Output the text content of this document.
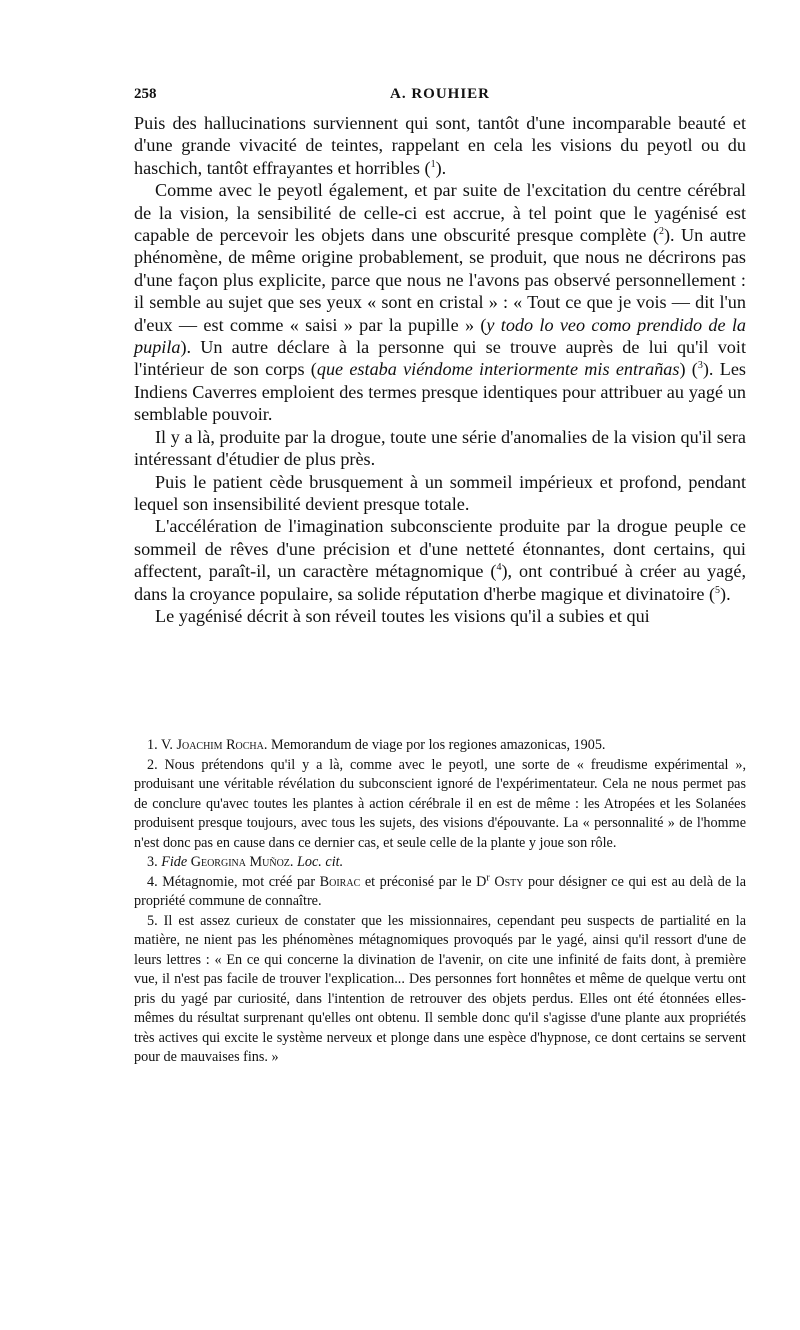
258	A. ROUHIER

Puis des hallucinations surviennent qui sont, tantôt d'une incomparable beauté et d'une grande vivacité de teintes, rappelant en cela les visions du peyotl ou du haschich, tantôt effrayantes et horribles ($^1$).

Comme avec le peyotl également, et par suite de l'excitation du centre cérébral de la vision, la sensibilité de celle-ci est accrue, à tel point que le yagénisé est capable de percevoir les objets dans une obscurité presque complète ($^2$). Un autre phénomène, de même origine probablement, se produit, que nous ne décrirons pas d'une façon plus explicite, parce que nous ne l'avons pas observé personnellement : il semble au sujet que ses yeux « sont en cristal » : « Tout ce que je vois — dit l'un d'eux — est comme « saisi » par la pupille » (y todo lo veo como prendido de la pupila). Un autre déclare à la personne qui se trouve auprès de lui qu'il voit l'intérieur de son corps (que estaba viéndome interiormente mis entrañas) ($^3$). Les Indiens Caverres emploient des termes presque identiques pour attribuer au yagé un semblable pouvoir.

Il y a là, produite par la drogue, toute une série d'anomalies de la vision qu'il sera intéressant d'étudier de plus près.

Puis le patient cède brusquement à un sommeil impérieux et profond, pendant lequel son insensibilité devient presque totale.

L'accélération de l'imagination subconsciente produite par la drogue peuple ce sommeil de rêves d'une précision et d'une netteté étonnantes, dont certains, qui affectent, paraît-il, un caractère métagnomique ($^4$), ont contribué à créer au yagé, dans la croyance populaire, sa solide réputation d'herbe magique et divinatoire ($^5$).

Le yagénisé décrit à son réveil toutes les visions qu'il a subies et qui

1. V. Joachim Rocha. Memorandum de viage por los regiones amazonicas, 1905.

2. Nous prétendons qu'il y a là, comme avec le peyotl, une sorte de « freudisme expérimental », produisant une véritable révélation du subconscient ignoré de l'expérimentateur. Cela ne nous permet pas de conclure qu'avec toutes les plantes à action cérébrale il en est de même : les Atropées et les Solanées produisent presque toujours, avec tous les sujets, des visions d'épouvante. La « personnalité » de l'homme n'est donc pas en cause dans ce dernier cas, et seule celle de la plante y joue son rôle.

3. Fide Georgina Muñoz. Loc. cit.

4. Métagnomie, mot créé par Boirac et préconisé par le D$^r$ Osty pour désigner ce qui est au delà de la propriété commune de connaître.

5. Il est assez curieux de constater que les missionnaires, cependant peu suspects de partialité en la matière, ne nient pas les phénomènes métagnomiques provoqués par le yagé, ainsi qu'il ressort d'une de leurs lettres : « En ce qui concerne la divination de l'avenir, on cite une infinité de faits dont, à première vue, il n'est pas facile de trouver l'explication... Des personnes fort honnêtes et même de quelque vertu ont pris du yagé par curiosité, dans l'intention de retrouver des objets perdus. Elles ont été étonnées elles-mêmes du résultat surprenant qu'elles ont obtenu. Il semble donc qu'il s'agisse d'une plante aux propriétés très actives qui excite le système nerveux et plonge dans une espèce d'hypnose, ce dont certains se servent pour de mauvaises fins. »
